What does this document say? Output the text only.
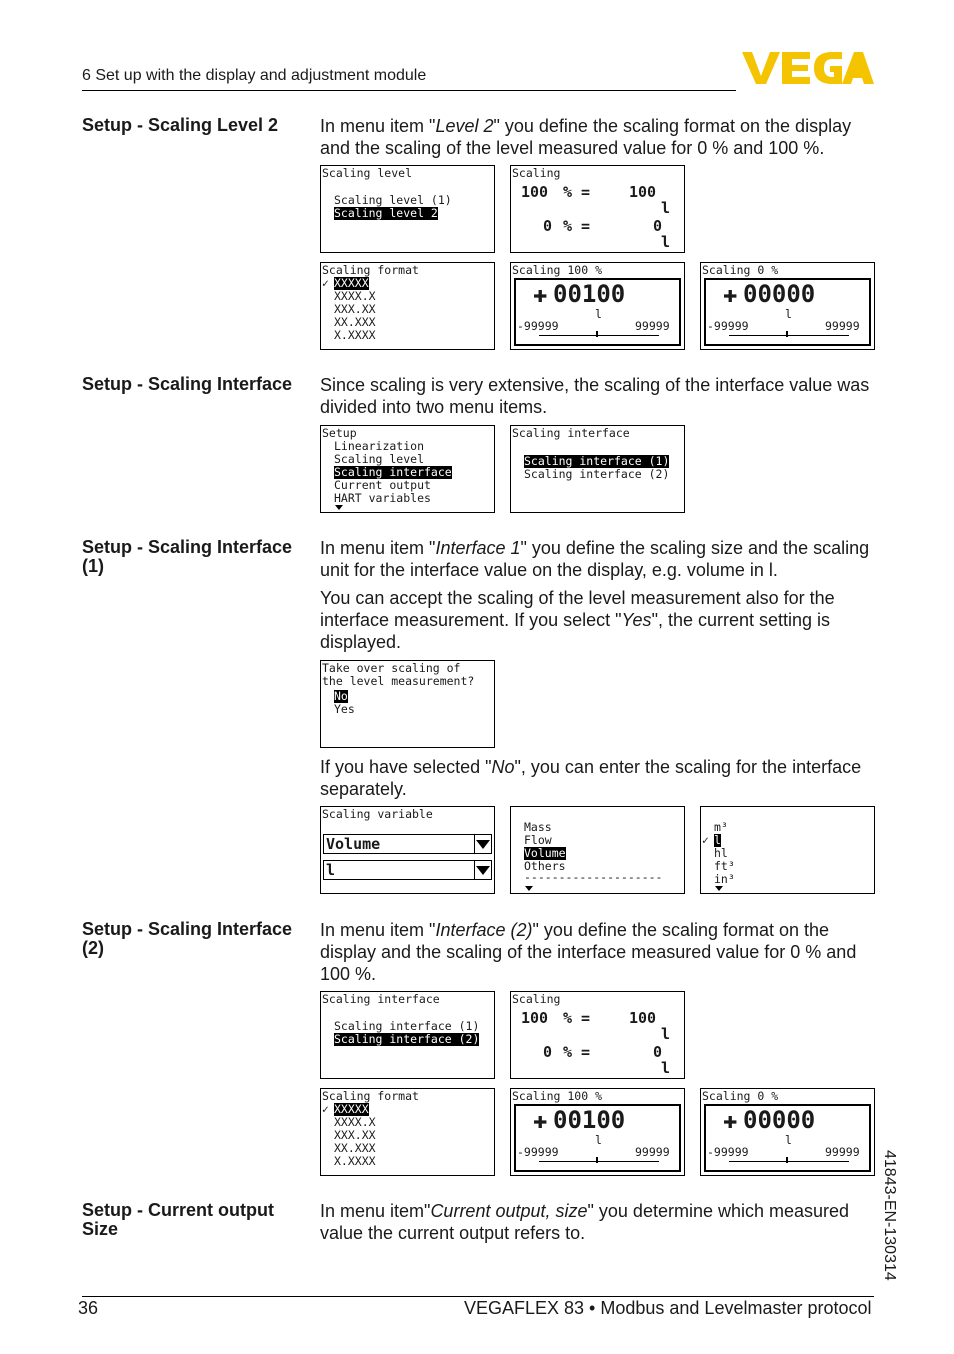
6 Set up with the display and adjustment module
Setup - Scaling Level 2	In menu item "Level 2" you define the scaling format on the display and the scaling of the level measured value for 0 % and 100 %.
Scaling level
Scaling level (1)
Scaling level 2
Scaling
100 % =	100
l
0 % =	0
l
Scaling format
✓ XXXXX
XXXX.X
XXX.XX
XX.XXX
X.XXXX
Scaling 100 %
✚ 00100
l
-99999	99999
Scaling 0 %
✚ 00000
l
-99999	99999
Setup - Scaling Interface	Since scaling is very extensive, the scaling of the interface value was divided into two menu items.
Setup
Linearization
Scaling level
Scaling interface
Current output
HART variables
Scaling interface
Scaling interface (1)
Scaling interface (2)
Setup - Scaling Interface (1)
In menu item "Interface 1" you define the scaling size and the scaling unit for the interface value on the display, e.g. volume in l.
You can accept the scaling of the level measurement also for the interface measurement. If you select "Yes", the current setting is displayed.
Take over scaling of
the level measurement?
No
Yes
If you have selected "No", you can enter the scaling for the interface separately.
Scaling variable
Volume
l
Mass
Flow
Volume
Others
--------------------
m³
✓ l
hl
ft³
in³
Setup - Scaling Interface (2)
In menu item "Interface (2)" you define the scaling format on the display and the scaling of the interface measured value for 0 % and 100 %.
Scaling interface
Scaling interface (1)
Scaling interface (2)
Scaling
100 % =	100
l
0 % =	0
l
Scaling format
✓ XXXXX
XXXX.X
XXX.XX
XX.XXX
X.XXXX
Scaling 100 %
✚ 00100
l
-99999	99999
Scaling 0 %
✚ 00000
l
-99999	99999
Setup - Current output Size
In menu item"Current output, size" you determine which measured value the current output refers to.	41843-EN-130314
36	VEGAFLEX 83 • Modbus and Levelmaster protocol
